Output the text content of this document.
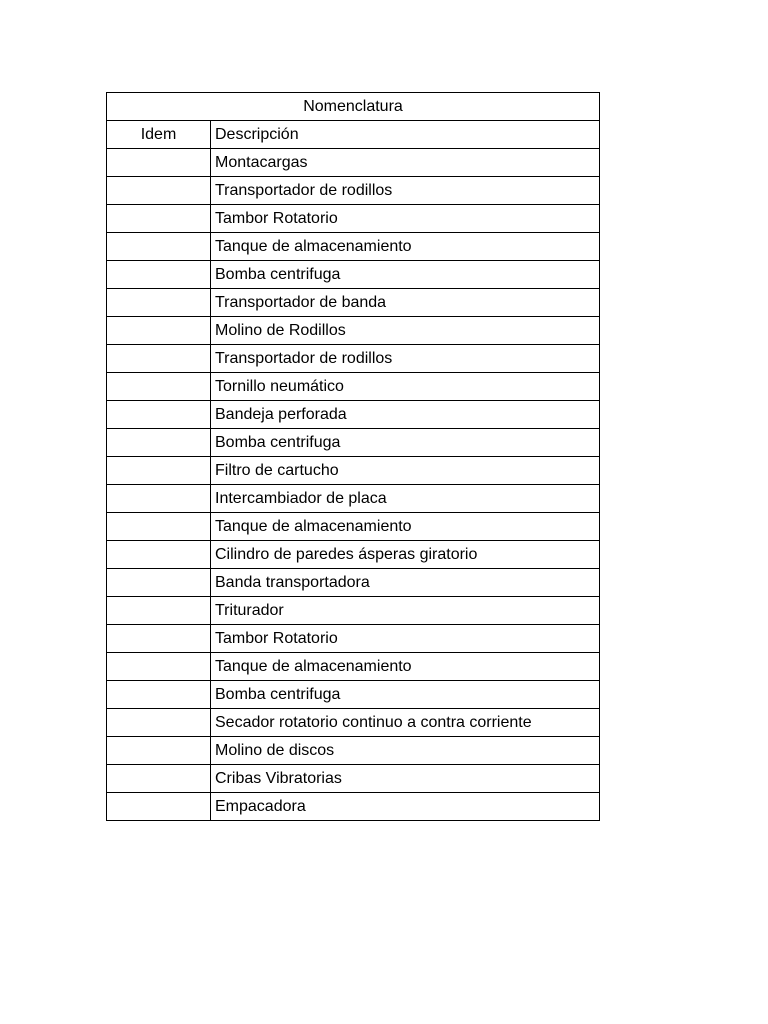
Nomenclatura	
Idem	Descripción
	Montacargas
	Transportador de rodillos
	Tambor Rotatorio
	Tanque de almacenamiento
	Bomba centrifuga
	Transportador de banda
	Molino de Rodillos
	Transportador de rodillos
	Tornillo neumático
	Bandeja perforada
	Bomba centrifuga
	Filtro de cartucho
	Intercambiador de placa
	Tanque de almacenamiento
	Cilindro de paredes ásperas giratorio
	Banda transportadora
	Triturador
	Tambor Rotatorio
	Tanque de almacenamiento
	Bomba centrifuga
	Secador rotatorio continuo a contra corriente
	Molino de discos
	Cribas Vibratorias
	Empacadora
